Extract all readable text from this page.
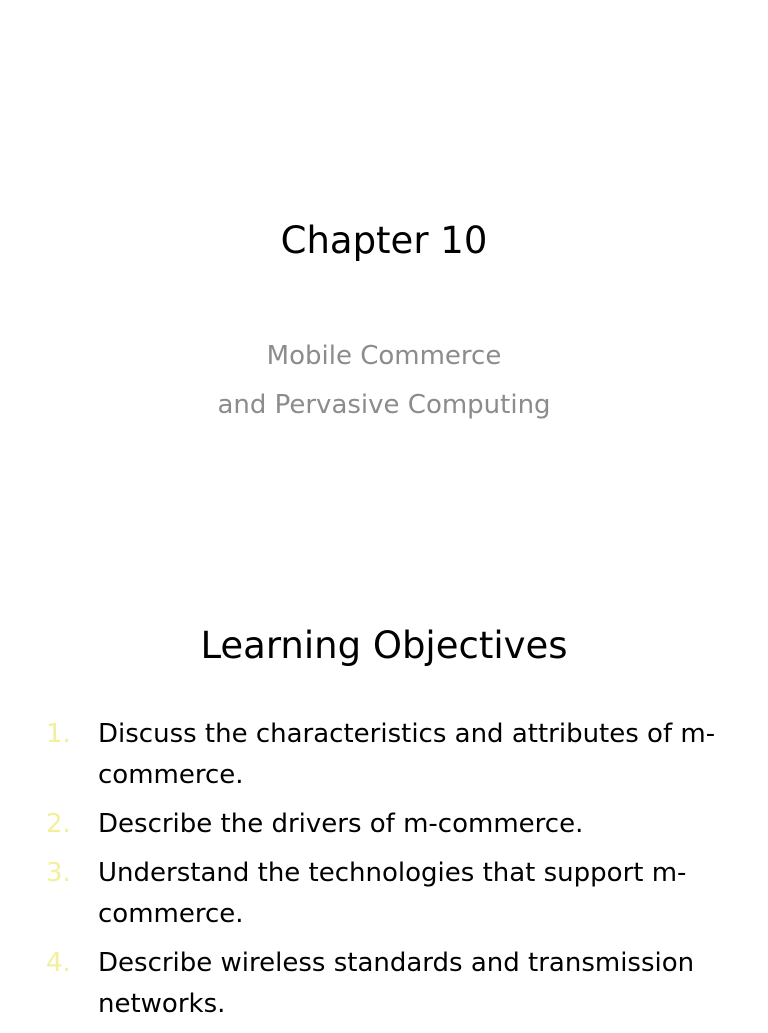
Chapter 10
Mobile Commerce
and Pervasive Computing
Learning Objectives
1.	Discuss the characteristics and attributes of m-commerce.
2.	Describe the drivers of m-commerce.
3.	Understand the technologies that support m-commerce.
4.	Describe wireless standards and transmission networks.
